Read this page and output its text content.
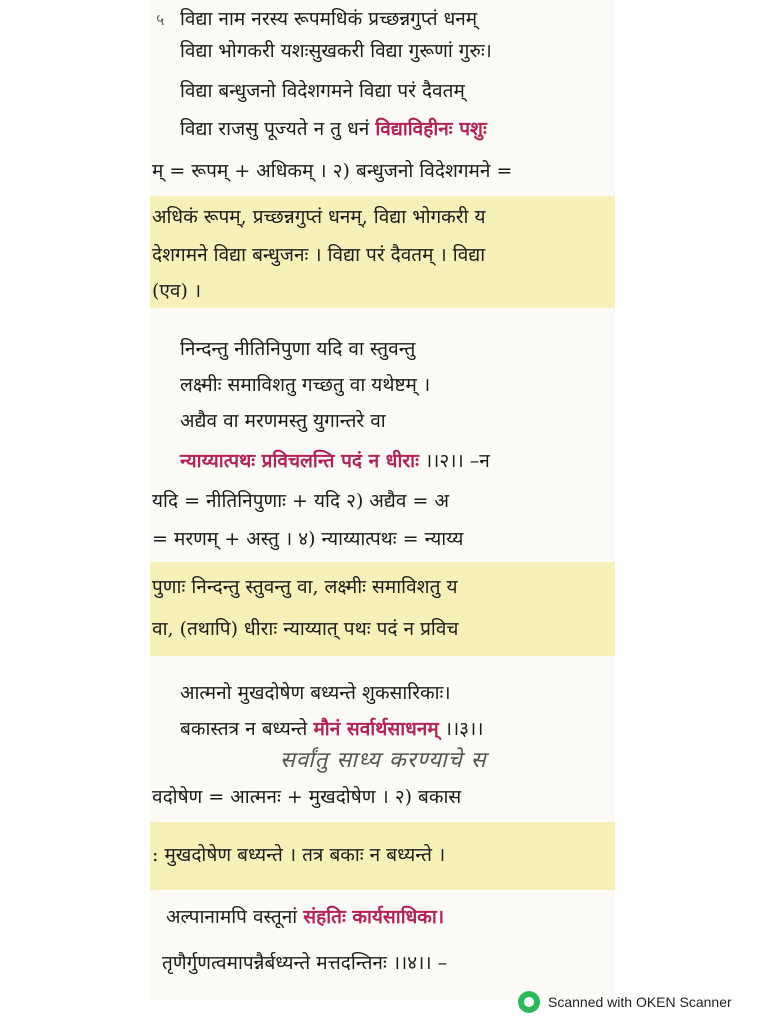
५ विद्या नाम नरस्य रूपमधिकं प्रच्छन्नगुप्तं धनम्
विद्या भोगकरी यशःसुखकरी विद्या गुरूणां गुरुः।
विद्या बन्धुजनो विदेशगमने विद्या परं दैवतम्
विद्या राजसु पूज्यते न तु धनं विद्याविहीनः पशुः
म् = रूपम् + अधिकम् । २) बन्धुजनो विदेशगमने =
अधिकं रूपम्, प्रच्छन्नगुप्तं धनम्, विद्या भोगकरी य
देशगमने विद्या बन्धुजनः । विद्या परं दैवतम् । विद्या
(एव) ।
निन्दन्तु नीतिनिपुणा यदि वा स्तुवन्तु
लक्ष्मीः समाविशतु गच्छतु वा यथेष्टम् ।
अद्यैव वा मरणमस्तु युगान्तरे वा
न्याय्यात्पथः प्रविचलन्ति पदं न धीराः ।।२।। –न
यदि = नीतिनिपुणाः + यदि २) अद्यैव = अ
= मरणम् + अस्तु । ४) न्याय्यात्पथः = न्याय्य
पुणाः निन्दन्तु स्तुवन्तु वा, लक्ष्मीः समाविशतु य
वा, (तथापि) धीराः न्याय्यात् पथः पदं न प्रविच
आत्मनो मुखदोषेण बध्यन्ते शुकसारिकाः।
बकास्तत्र न बध्यन्ते मौनं सर्वार्थसाधनम् ।।३।।
सर्वांतु साध्य करण्याचे स
वदोषेण = आत्मनः + मुखदोषेण । २) बकास
: मुखदोषेण बध्यन्ते । तत्र बकाः न बध्यन्ते ।
अल्पानामपि वस्तूनां संहतिः कार्यसाधिका।
तृणैर्गुणत्वमापन्नैर्बध्यन्ते मत्तदन्तिनः ।।४।। –
Scanned with OKEN Scanner
